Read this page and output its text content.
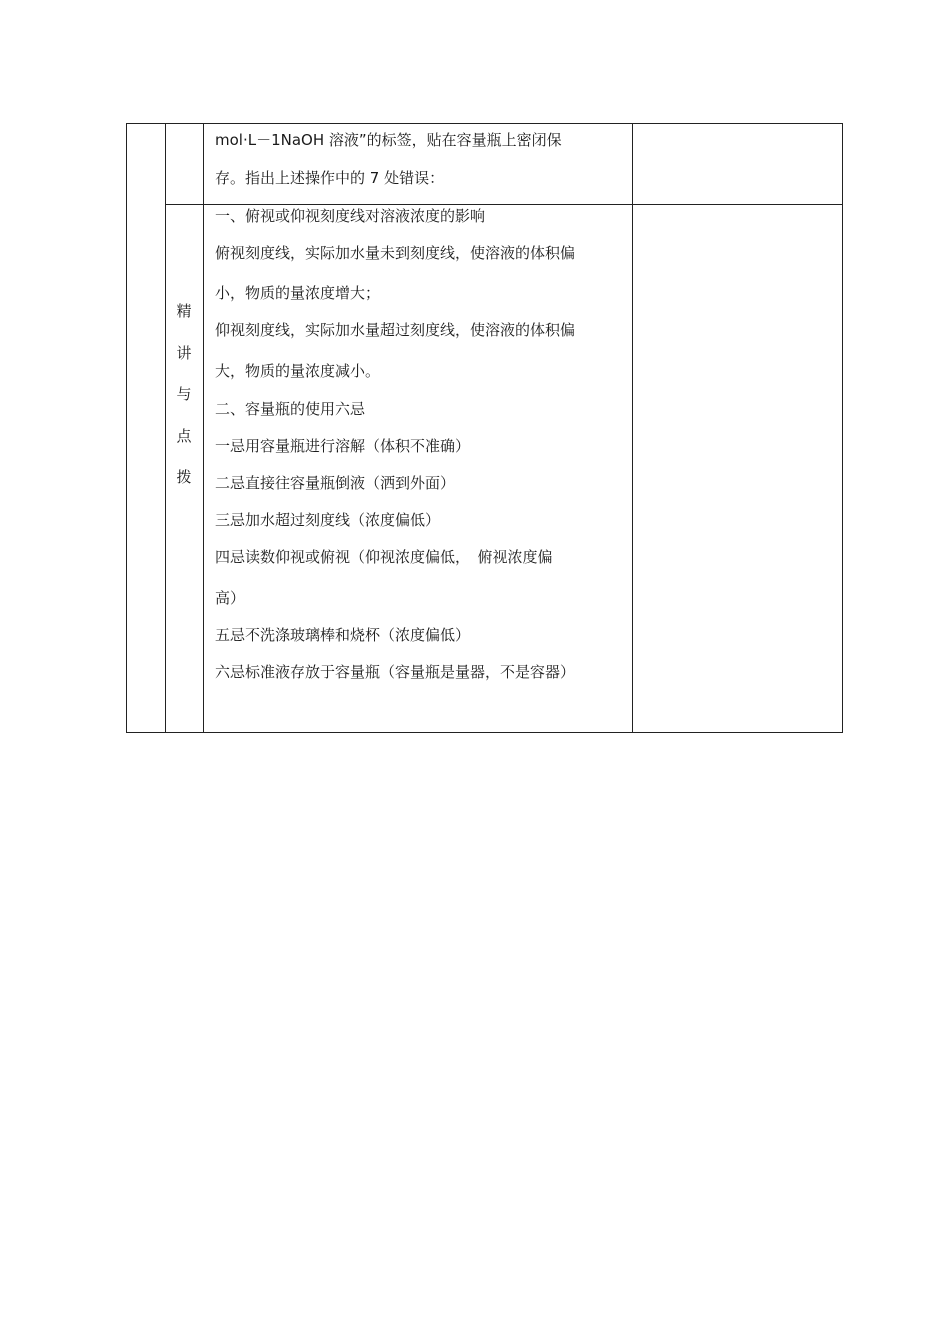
mol·L－1NaOH 溶液”的标签，贴在容量瓶上密闭保
存。指出上述操作中的 7 处错误：
精
讲
与
点
拨
一、俯视或仰视刻度线对溶液浓度的影响
俯视刻度线，实际加水量未到刻度线，使溶液的体积偏
小，物质的量浓度增大；
仰视刻度线，实际加水量超过刻度线，使溶液的体积偏
大，物质的量浓度减小。
二、容量瓶的使用六忌
一忌用容量瓶进行溶解（体积不准确）
二忌直接往容量瓶倒液（洒到外面）
三忌加水超过刻度线（浓度偏低）
四忌读数仰视或俯视（仰视浓度偏低，　俯视浓度偏
高）
五忌不洗涤玻璃棒和烧杯（浓度偏低）
六忌标准液存放于容量瓶（容量瓶是量器，不是容器）
